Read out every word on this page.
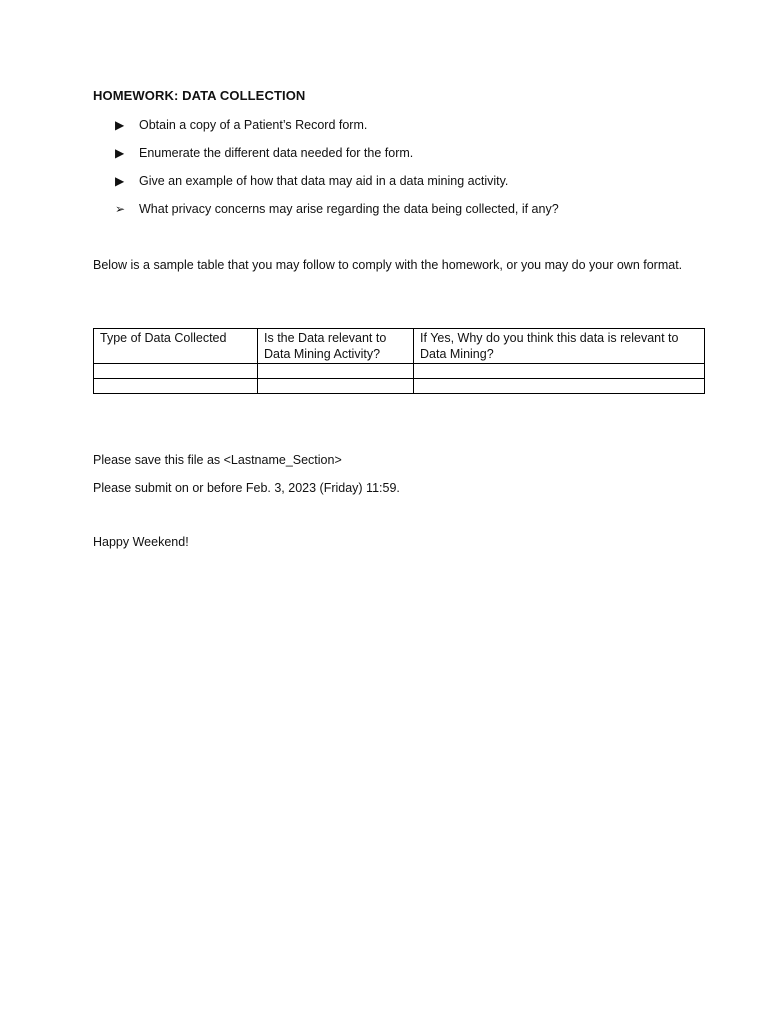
HOMEWORK: DATA COLLECTION
▶	Obtain a copy of a Patient’s Record form.
▶	Enumerate the different data needed for the form.
▶	Give an example of how that data may aid in a data mining activity.
➢	What privacy concerns may arise regarding the data being collected, if any?
Below is a sample table that you may follow to comply with the homework, or you may do your own format.
Type of Data Collected	Is the Data relevant to Data Mining Activity?	If Yes, Why do you think this data is relevant to Data Mining?

Please save this file as <Lastname_Section>
Please submit on or before Feb. 3, 2023 (Friday) 11:59.
Happy Weekend!
